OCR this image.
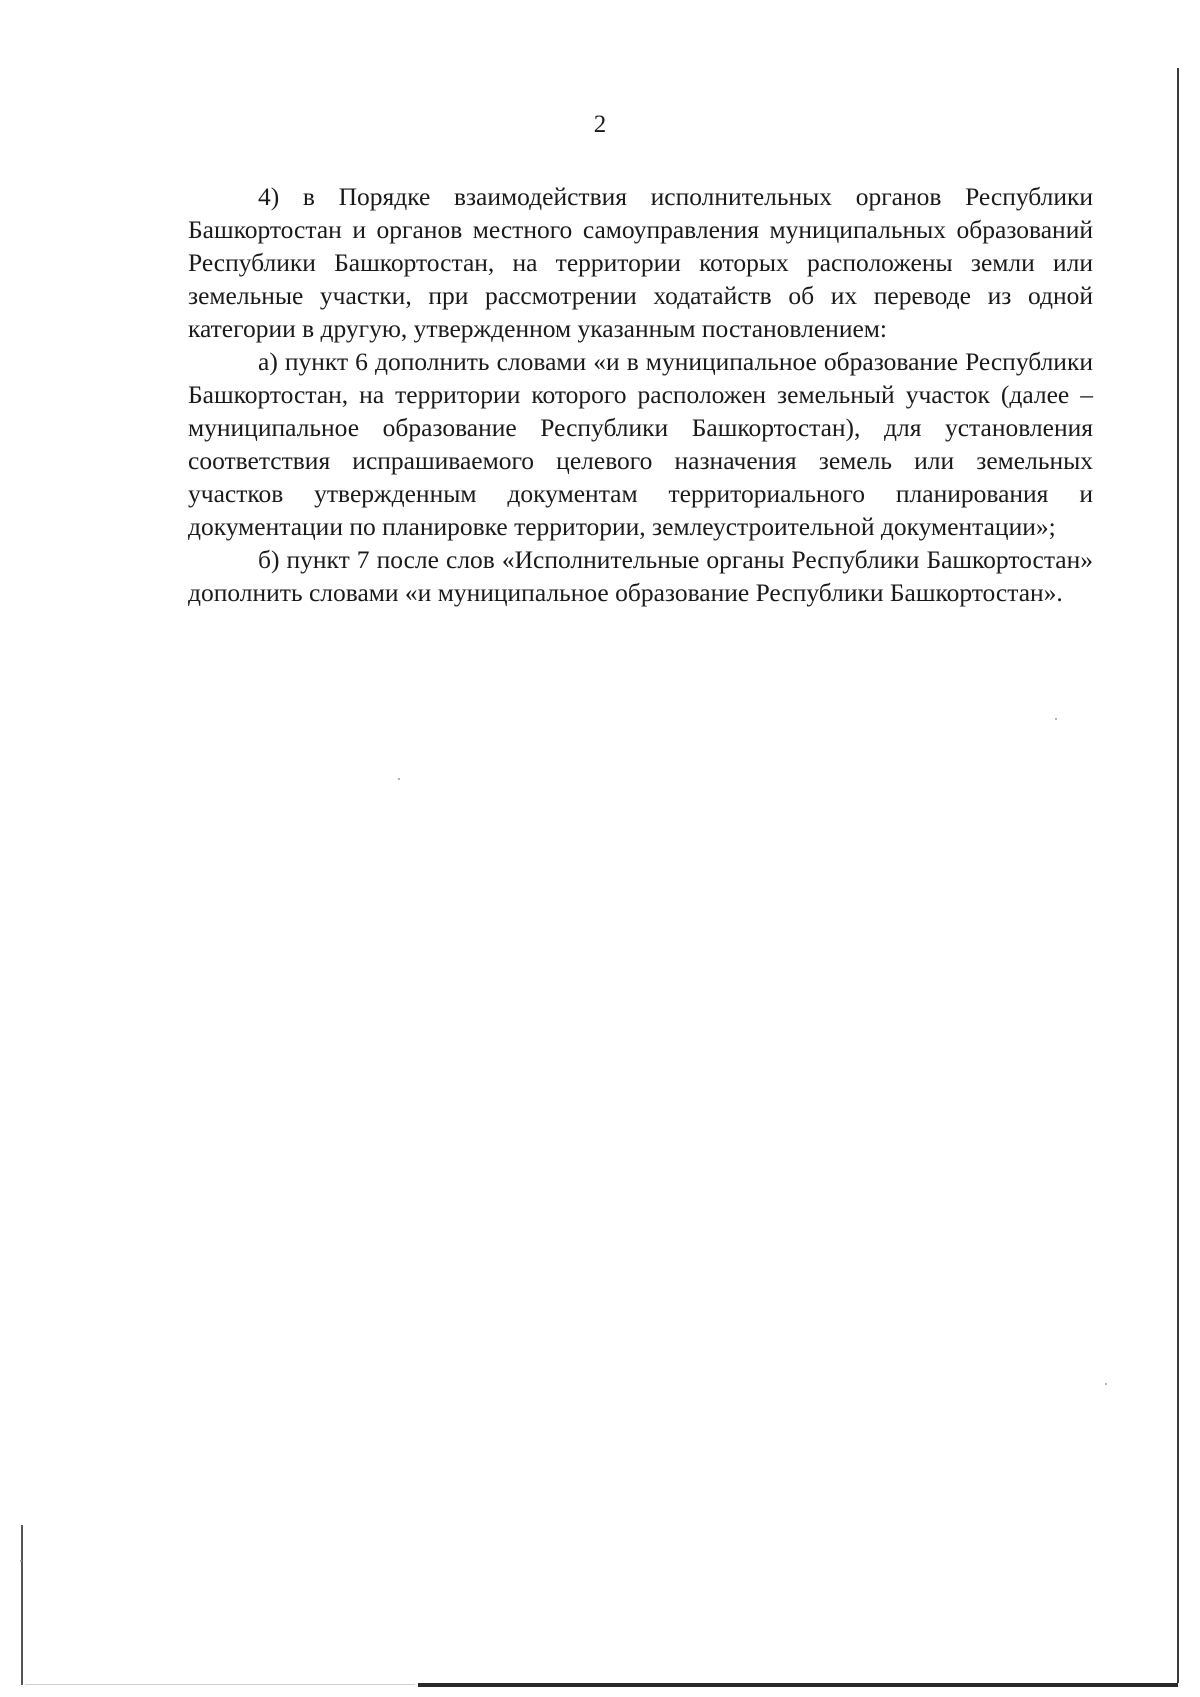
2

4) в Порядке взаимодействия исполнительных органов Республики Башкортостан и органов местного самоуправления муниципальных образований Республики Башкортостан, на территории которых расположены земли или земельные участки, при рассмотрении ходатайств об их переводе из одной категории в другую, утвержденном указанным постановлением:

а) пункт 6 дополнить словами «и в муниципальное образование Республики Башкортостан, на территории которого расположен земельный участок (далее – муниципальное образование Республики Башкортостан), для установления соответствия испрашиваемого целевого назначения земель или земельных участков утвержденным документам территориального планирования и документации по планировке территории, землеустроительной документации»;

б) пункт 7 после слов «Исполнительные органы Республики Башкортостан» дополнить словами «и муниципальное образование Республики Башкортостан».
